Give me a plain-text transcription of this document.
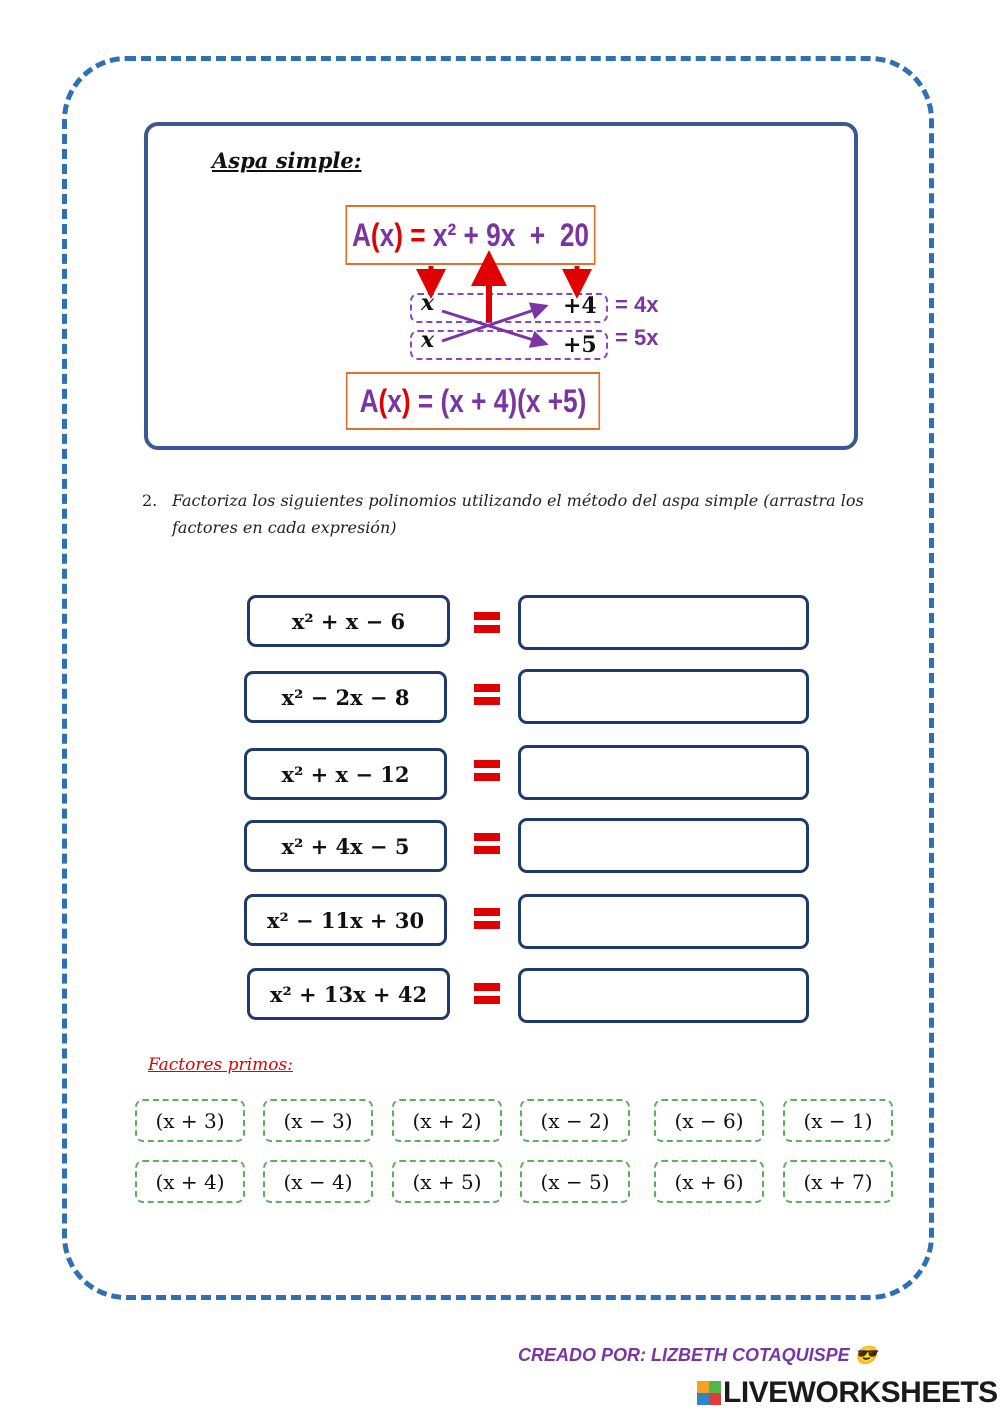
Aspa simple:
A ( x ) = x² + 9x  +  20
x	+4 = 4x
x	+5 = 5x
A ( x ) = (x + 4)(x +5)
2. Factoriza los siguientes polinomios utilizando el método del aspa simple (arrastra los factores en cada expresión)
x² + x − 6
x² − 2x − 8
x² + x − 12
x² + 4x − 5
x² − 11x + 30
x² + 13x + 42
Factores primos:
(x + 3)	(x − 3)	(x + 2)	(x − 2)	(x − 6)	(x − 1)
(x + 4)	(x − 4)	(x + 5)	(x − 5)	(x + 6)	(x + 7)
CREADO POR: LIZBETH COTAQUISPE 😎
LIVEWORKSHEETS
